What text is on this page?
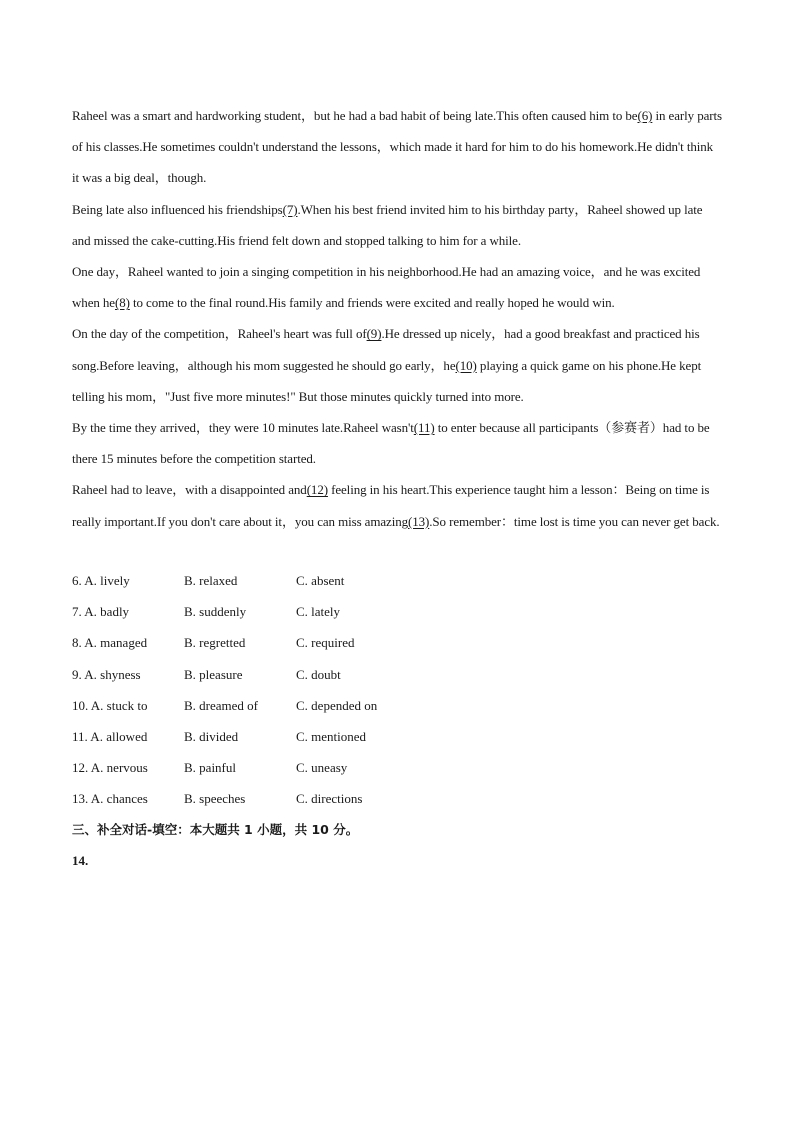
Raheel was a smart and hardworking student，but he had a bad habit of being late.This often caused him to be(6) in early parts of his classes.He sometimes couldn't understand the lessons，which made it hard for him to do his homework.He didn't think it was a big deal，though.

Being late also influenced his friendships(7).When his best friend invited him to his birthday party，Raheel showed up late and missed the cake-cutting.His friend felt down and stopped talking to him for a while.

One day，Raheel wanted to join a singing competition in his neighborhood.He had an amazing voice，and he was excited when he(8) to come to the final round.His family and friends were excited and really hoped he would win.

On the day of the competition，Raheel's heart was full of(9).He dressed up nicely，had a good breakfast and practiced his song.Before leaving，although his mom suggested he should go early，he(10) playing a quick game on his phone.He kept telling his mom，"Just five more minutes!" But those minutes quickly turned into more.

By the time they arrived，they were 10 minutes late.Raheel wasn't(11) to enter because all participants（参赛者）had to be there 15 minutes before the competition started.

Raheel had to leave，with a disappointed and(12) feeling in his heart.This experience taught him a lesson：Being on time is really important.If you don't care about it，you can miss amazing(13).So remember：time lost is time you can never get back.

6. A. lively	B. relaxed	C. absent
7. A. badly	B. suddenly	C. lately
8. A. managed	B. regretted	C. required
9. A. shyness	B. pleasure	C. doubt
10. A. stuck to	B. dreamed of	C. depended on
11. A. allowed	B. divided	C. mentioned
12. A. nervous	B. painful	C. uneasy
13. A. chances	B. speeches	C. directions
三、补全对话-填空：本大题共 1 小题，共 10 分。
14.
